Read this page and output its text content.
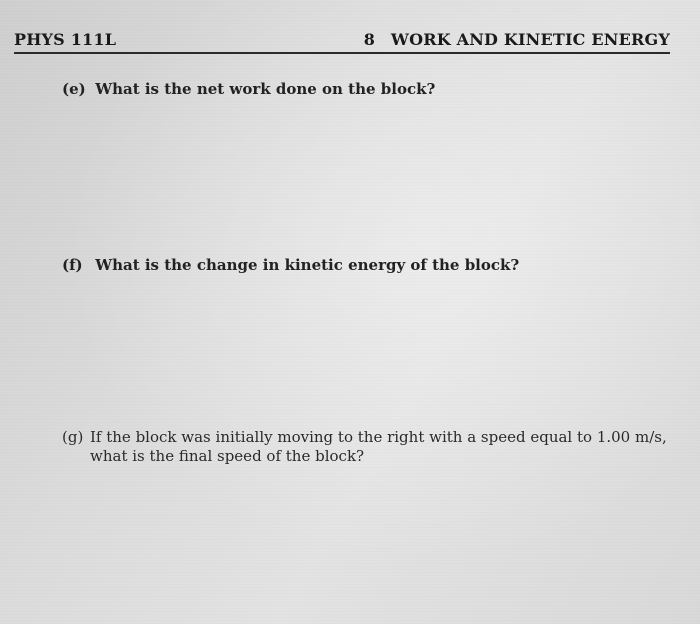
PHYS 111L	8 WORK AND KINETIC ENERGY
(e) What is the net work done on the block?
(f) What is the change in kinetic energy of the block?
(g) If the block was initially moving to the right with a speed equal to 1.00 m/s, what is the final speed of the block?
